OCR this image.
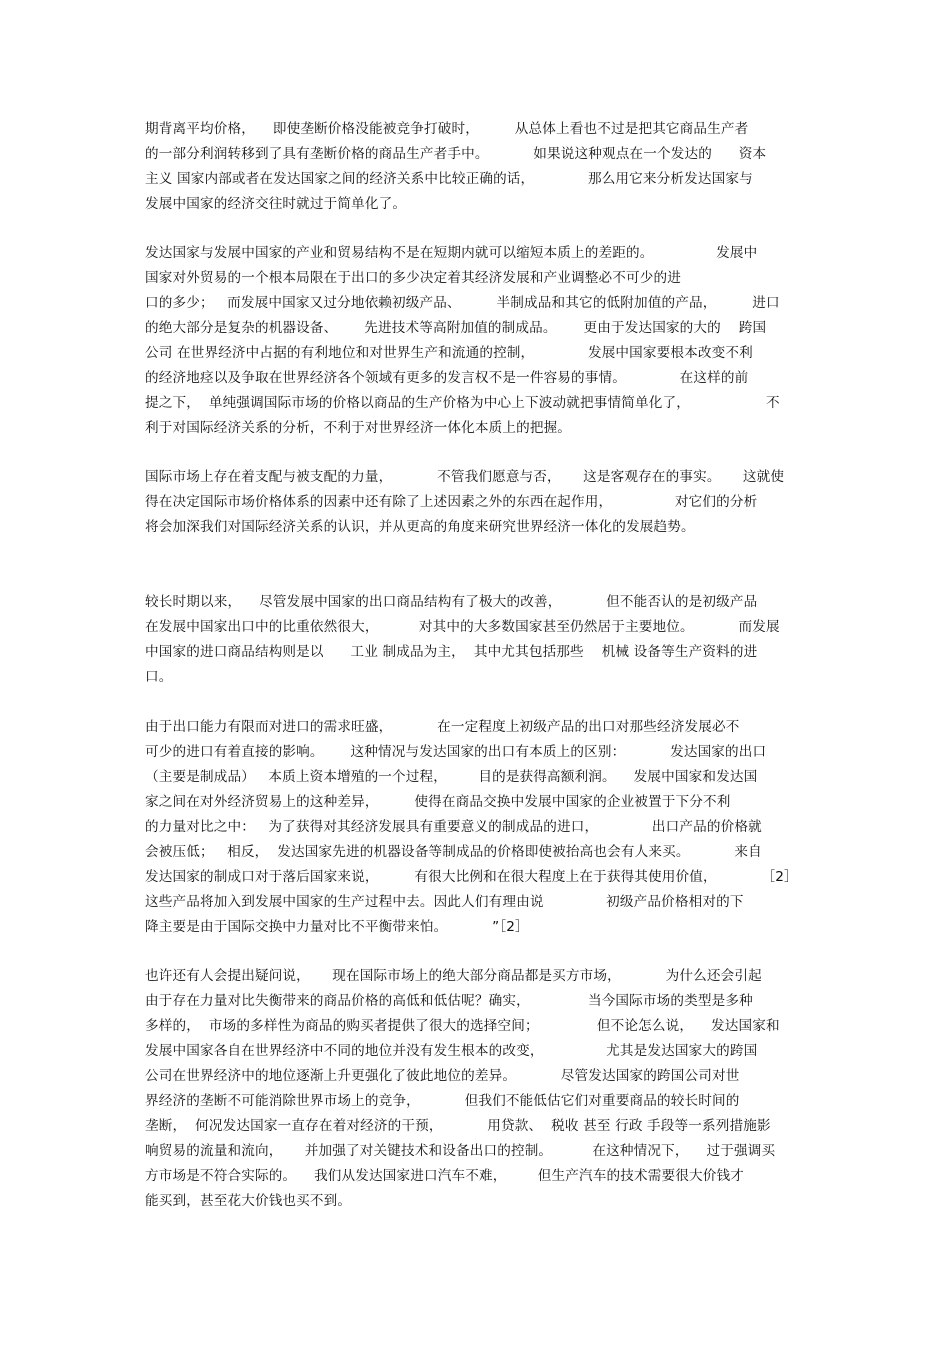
期背离平均价格，    即使垄断价格没能被竞争打破时，        从总体上看也不过是把其它商品生产者
的一部分利润转移到了具有垄断价格的商品生产者手中。          如果说这种观点在一个发达的      资本
主义 国家内部或者在发达国家之间的经济关系中比较正确的话，            那么用它来分析发达国家与
发展中国家的经济交往时就过于简单化了。
发达国家与发展中国家的产业和贸易结构不是在短期内就可以缩短本质上的差距的。              发展中
国家对外贸易的一个根本局限在于出口的多少决定着其经济发展和产业调整必不可少的进
口的多少；   而发展中国家又过分地依赖初级产品、        半制成品和其它的低附加值的产品，        进口
的绝大部分是复杂的机器设备、      先进技术等高附加值的制成品。      更由于发达国家的大的    跨国
公司 在世界经济中占据的有利地位和对世界生产和流通的控制，            发展中国家要根本改变不利
的经济地痉以及争取在世界经济各个领域有更多的发言权不是一件容易的事情。            在这样的前
提之下，  单纯强调国际市场的价格以商品的生产价格为中心上下波动就把事情简单化了，                 不
利于对国际经济关系的分析，不利于对世界经济一体化本质上的把握。
国际市场上存在着支配与被支配的力量，          不管我们愿意与否，     这是客观存在的事实。     这就使
得在决定国际市场价格体系的因素中还有除了上述因素之外的东西在起作用，              对它们的分析
将会加深我们对国际经济关系的认识，并从更高的角度来研究世界经济一体化的发展趋势。
较长时期以来，    尽管发展中国家的出口商品结构有了极大的改善，          但不能否认的是初级产品
在发展中国家出口中的比重依然很大，         对其中的大多数国家甚至仍然居于主要地位。          而发展
中国家的进口商品结构则是以      工业 制成品为主，  其中尤其包括那些    机械 设备等生产资料的进
口。
由于出口能力有限而对进口的需求旺盛，          在一定程度上初级产品的出口对那些经济发展必不
可少的进口有着直接的影响。      这种情况与发达国家的出口有本质上的区别：          发达国家的出口
（主要是制成品）   本质上资本增殖的一个过程，       目的是获得高额利润。    发展中国家和发达国
家之间在对外经济贸易上的这种差异，        使得在商品交换中发展中国家的企业被置于下分不利
的力量对比之中：   为了获得对其经济发展具有重要意义的制成品的进口，            出口产品的价格就
会被压低；   相反，  发达国家先进的机器设备等制成品的价格即使被抬高也会有人来买。          来自
发达国家的制成口对于落后国家来说，        有很大比例和在很大程度上在于获得其使用价值，          ［2］
这些产品将加入到发展中国家的生产过程中去。因此人们有理由说              初级产品价格相对的下
降主要是由于国际交换中力量对比不平衡带来怕。          ”［2］
也许还有人会提出疑问说，     现在国际市场上的绝大部分商品都是买方市场，          为什么还会引起
由于存在力量对比失衡带来的商品价格的高低和低估呢？确实，             当今国际市场的类型是多种
多样的，  市场的多样性为商品的购买者提供了很大的选择空间；             但不论怎么说，    发达国家和
发展中国家各自在世界经济中不同的地位并没有发生根本的改变，              尤其是发达国家大的跨国
公司在世界经济中的地位逐渐上升更强化了彼此地位的差异。          尽管发达国家的跨国公司对世
界经济的垄断不可能消除世界市场上的竞争，          但我们不能低估它们对重要商品的较长时间的
垄断，  何况发达国家一直存在着对经济的干预，          用贷款、  税收 甚至 行政 手段等一系列措施影
响贸易的流量和流向，     并加强了对关键技术和设备出口的控制。         在这种情况下，    过于强调买
方市场是不符合实际的。    我们从发达国家进口汽车不难，       但生产汽车的技术需要很大价钱才
能买到，甚至花大价钱也买不到。
